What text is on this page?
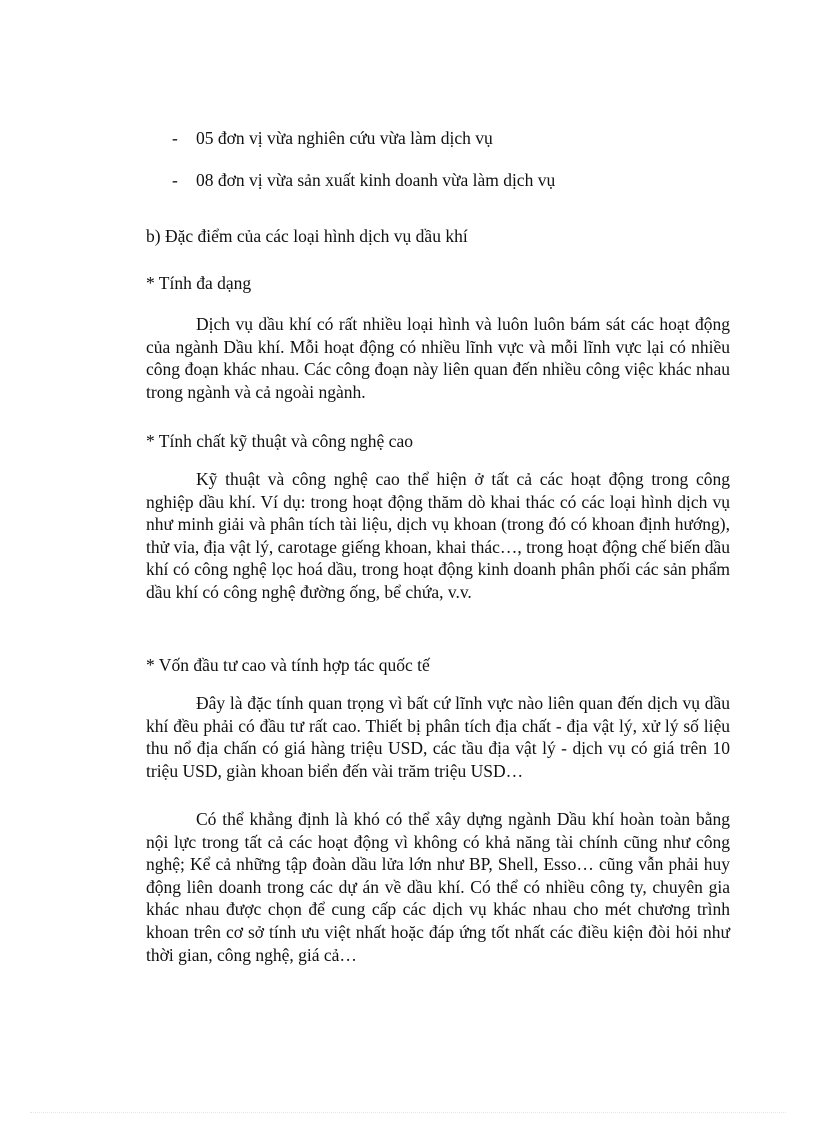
- 05 đơn vị vừa nghiên cứu vừa làm dịch vụ
- 08 đơn vị vừa sản xuất kinh doanh vừa làm dịch vụ
b) Đặc điểm của các loại hình dịch vụ dầu khí
* Tính đa dạng

Dịch vụ dầu khí có rất nhiều loại hình và luôn luôn bám sát các hoạt động của ngành Dầu khí. Mỗi hoạt động có nhiều lĩnh vực và mỗi lĩnh vực lại có nhiều công đoạn khác nhau. Các công đoạn này liên quan đến nhiều công việc khác nhau trong ngành và cả ngoài ngành.

* Tính chất kỹ thuật và công nghệ cao

Kỹ thuật và công nghệ cao thể hiện ở tất cả các hoạt động trong công nghiệp dầu khí. Ví dụ: trong hoạt động thăm dò khai thác có các loại hình dịch vụ như minh giải và phân tích tài liệu, dịch vụ khoan (trong đó có khoan định hướng), thử vỉa, địa vật lý, carotage giếng khoan, khai thác…, trong hoạt động chế biến dầu khí có công nghệ lọc hoá dầu, trong hoạt động kinh doanh phân phối các sản phẩm dầu khí có công nghệ đường ống, bể chứa, v.v.

* Vốn đầu tư cao và tính hợp tác quốc tế

Đây là đặc tính quan trọng vì bất cứ lĩnh vực nào liên quan đến dịch vụ dầu khí đều phải có đầu tư rất cao. Thiết bị phân tích địa chất - địa vật lý, xử lý số liệu thu nổ địa chấn có giá hàng triệu USD, các tầu địa vật lý - dịch vụ có giá trên 10 triệu USD, giàn khoan biển đến vài trăm triệu USD…

Có thể khẳng định là khó có thể xây dựng ngành Dầu khí hoàn toàn bằng nội lực trong tất cả các hoạt động vì không có khả năng tài chính cũng như công nghệ; Kể cả những tập đoàn dầu lửa lớn như BP, Shell, Esso… cũng vẫn phải huy động liên doanh trong các dự án về dầu khí. Có thể có nhiều công ty, chuyên gia khác nhau được chọn để cung cấp các dịch vụ khác nhau cho mét chương trình khoan trên cơ sở tính ưu việt nhất hoặc đáp ứng tốt nhất các điều kiện đòi hỏi như thời gian, công nghệ, giá cả…
